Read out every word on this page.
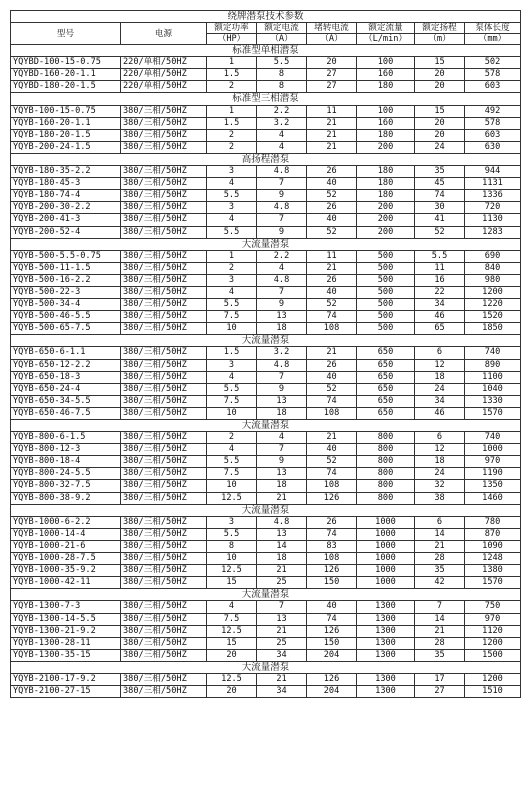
绕牌潜泵技术参数							
型号	电源	额定功率	额定电流	堵转电流	额定流量	额定扬程	泵体长度
		（HP）	（A）	（A）	（L/min）	（m）	（mm）
标准型单相潜泵							
YQYBD-100-15-0.75	220/单相/50HZ	1	5.5	20	100	15	502
YQYBD-160-20-1.1	220/单相/50HZ	1.5	8	27	160	20	578
YQYBD-180-20-1.5	220/单相/50HZ	2	8	27	180	20	603
标准型三相潜泵							
YQYB-100-15-0.75	380/三相/50HZ	1	2.2	11	100	15	492
YQYB-160-20-1.1	380/三相/50HZ	1.5	3.2	21	160	20	578
YQYB-180-20-1.5	380/三相/50HZ	2	4	21	180	20	603
YQYB-200-24-1.5	380/三相/50HZ	2	4	21	200	24	630
高扬程潜泵							
YQYB-180-35-2.2	380/三相/50HZ	3	4.8	26	180	35	944
YQYB-180-45-3	380/三相/50HZ	4	7	40	180	45	1131
YQYB-180-74-4	380/三相/50HZ	5.5	9	52	180	74	1336
YQYB-200-30-2.2	380/三相/50HZ	3	4.8	26	200	30	720
YQYB-200-41-3	380/三相/50HZ	4	7	40	200	41	1130
YQYB-200-52-4	380/三相/50HZ	5.5	9	52	200	52	1283
大流量潜泵							
YQYB-500-5.5-0.75	380/三相/50HZ	1	2.2	11	500	5.5	690
YQYB-500-11-1.5	380/三相/50HZ	2	4	21	500	11	840
YQYB-500-16-2.2	380/三相/50HZ	3	4.8	26	500	16	980
YQYB-500-22-3	380/三相/50HZ	4	7	40	500	22	1200
YQYB-500-34-4	380/三相/50HZ	5.5	9	52	500	34	1220
YQYB-500-46-5.5	380/三相/50HZ	7.5	13	74	500	46	1520
YQYB-500-65-7.5	380/三相/50HZ	10	18	108	500	65	1850
大流量潜泵							
YQYB-650-6-1.1	380/三相/50HZ	1.5	3.2	21	650	6	740
YQYB-650-12-2.2	380/三相/50HZ	3	4.8	26	650	12	890
YQYB-650-18-3	380/三相/50HZ	4	7	40	650	18	1100
YQYB-650-24-4	380/三相/50HZ	5.5	9	52	650	24	1040
YQYB-650-34-5.5	380/三相/50HZ	7.5	13	74	650	34	1330
YQYB-650-46-7.5	380/三相/50HZ	10	18	108	650	46	1570
大流量潜泵							
YQYB-800-6-1.5	380/三相/50HZ	2	4	21	800	6	740
YQYB-800-12-3	380/三相/50HZ	4	7	40	800	12	1000
YQYB-800-18-4	380/三相/50HZ	5.5	9	52	800	18	970
YQYB-800-24-5.5	380/三相/50HZ	7.5	13	74	800	24	1190
YQYB-800-32-7.5	380/三相/50HZ	10	18	108	800	32	1350
YQYB-800-38-9.2	380/三相/50HZ	12.5	21	126	800	38	1460
大流量潜泵							
YQYB-1000-6-2.2	380/三相/50HZ	3	4.8	26	1000	6	780
YQYB-1000-14-4	380/三相/50HZ	5.5	13	74	1000	14	870
YQYB-1000-21-6	380/三相/50HZ	8	14	83	1000	21	1090
YQYB-1000-28-7.5	380/三相/50HZ	10	18	108	1000	28	1248
YQYB-1000-35-9.2	380/三相/50HZ	12.5	21	126	1000	35	1380
YQYB-1000-42-11	380/三相/50HZ	15	25	150	1000	42	1570
大流量潜泵							
YQYB-1300-7-3	380/三相/50HZ	4	7	40	1300	7	750
YQYB-1300-14-5.5	380/三相/50HZ	7.5	13	74	1300	14	970
YQYB-1300-21-9.2	380/三相/50HZ	12.5	21	126	1300	21	1120
YQYB-1300-28-11	380/三相/50HZ	15	25	150	1300	28	1200
YQYB-1300-35-15	380/三相/50HZ	20	34	204	1300	35	1500
大流量潜泵							
YQYB-2100-17-9.2	380/三相/50HZ	12.5	21	126	1300	17	1200
YQYB-2100-27-15	380/三相/50HZ	20	34	204	1300	27	1510
